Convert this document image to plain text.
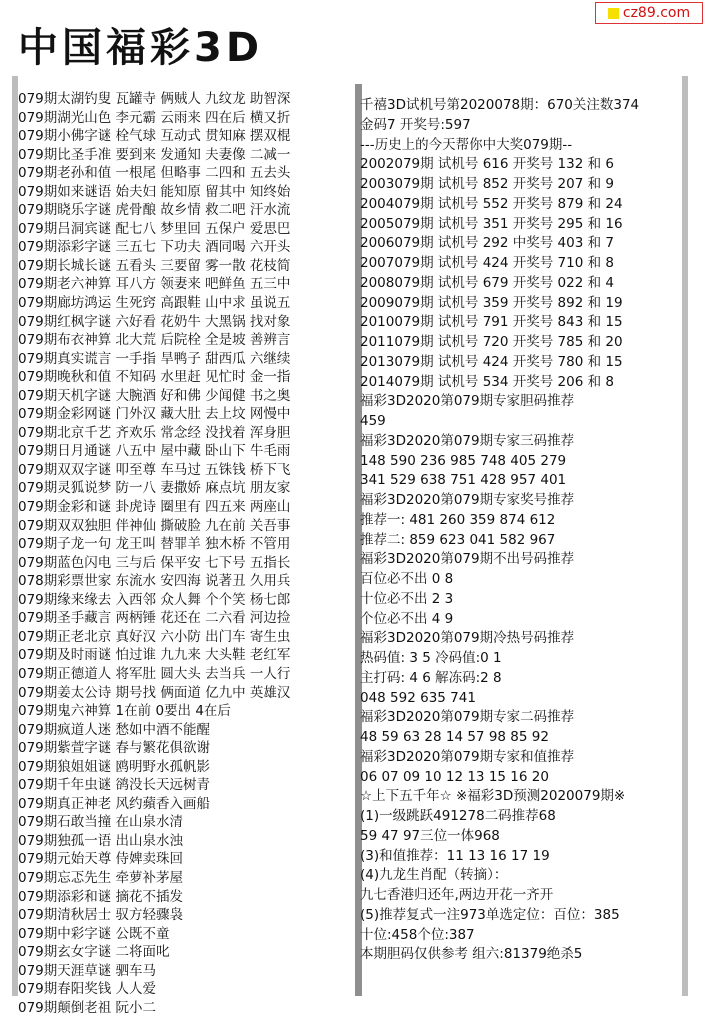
中国福彩3D
cz89.com
079期太湖钓叟 瓦罐寺 俩贼人 九纹龙 助智深
079期湖光山色 李元霸 云雨来 四在后 横又折
079期小佛字谜 栓气球 互动式 贯知麻 摆双棍
079期比圣手准 要到来 发通知 夫妻像 二减一
079期老孙和值 一根尾 但略事 二四和 五去头
079期如来谜语 始夫妇 能知原 留其中 知终始
079期晓乐字谜 虎骨酿 故乡情 救二吧 汗水流
079期吕洞宾谜 配七八 梦里回 五保户 爱思巴
079期添彩字谜 三五七 下功夫 酒同喝 六开头
079期长城长谜 五看头 三要留 雾一散 花枝简
079期老六神算 耳八方 领妻来 吧鲜鱼 五三中
079期廊坊鸿运 生死窍 高跟鞋 山中求 虽说五
079期红枫字谜 六好看 花奶牛 大黑锅 找对象
079期布衣神算 北大荒 后院栓 全是坡 善辨言
079期真实谎言 一手指 旱鸭子 甜西瓜 六继续
079期晚秋和值 不知码 水里赶 见忙时 金一指
079期天机字谜 大腕酒 好和佛 少闻健 书之奥
079期金彩网谜 门外汉 藏大肚 去上坟 网慢中
079期北京千艺 齐欢乐 常念经 没找着 浑身胆
079期日月通谜 八五中 屋中藏 卧山下 牛毛雨
079期双双字谜 叩至尊 车马过 五铢钱 桥下飞
079期灵狐说梦 防一八 妻撒娇 麻点坑 朋友家
079期金彩和谜 卦虎诗 圈里有 四五来 两座山
079期双双独胆 伴神仙 撕破脸 九在前 关吾事
079期子龙一句 龙王叫 替罪羊 独木桥 不管用
079期蓝色闪电 三与后 保平安 七下号 五指长
078期彩票世家 东流水 安四海 说著丑 久用兵
079期缘来缘去 入西邻 众人舞 个个笑 杨七郎
079期圣手藏言 两柄锤 花还在 二六看 河边捡
079期正老北京 真好汉 六小防 出门车 寄生虫
079期及时雨谜 怕过谁 九九来 大头鞋 老红军
079期正德道人 将军肚 圆大头 去当兵 一人行
079期姜太公诗 期号找 俩面道 亿九中 英雄汉
079期鬼六神算 1在前 0要出 4在后
079期疯道人迷 愁如中酒不能醒
079期紫萱字谜 春与繁花俱欲谢
079期狼姐姐谜 鸥明野水孤帆影
079期千年虫谜 鹆没长天远树青
079期真正神老 风约蘋香入画船
079期石敢当撞 在山泉水清
079期独孤一语 出山泉水浊
079期元始天尊 侍婢卖珠回
079期忘忑先生 牵萝补茅屋
079期添彩和谜 摘花不插发
079期清秋居士 驭方轻骤袅
079期中彩字谜 公既不童
079期玄女字谜 二将面叱
079期天涯草谜 驷车马
079期春阳奖钱 人人爱
079期颠倒老祖 阮小二
千禧3D试机号第2020078期：670关注数374
金码7 开奖号:597
---历史上的今天帮你中大奖079期--
2002079期 试机号 616 开奖号 132 和 6
2003079期 试机号 852 开奖号 207 和 9
2004079期 试机号 552 开奖号 879 和 24
2005079期 试机号 351 开奖号 295 和 16
2006079期 试机号 292 中奖号 403 和 7
2007079期 试机号 424 开奖号 710 和 8
2008079期 试机号 679 开奖号 022 和 4
2009079期 试机号 359 开奖号 892 和 19
2010079期 试机号 791 开奖号 843 和 15
2011079期 试机号 720 开奖号 785 和 20
2013079期 试机号 424 开奖号 780 和 15
2014079期 试机号 534 开奖号 206 和 8
福彩3D2020第079期专家胆码推荐
459
福彩3D2020第079期专家三码推荐
148 590 236 985 748 405 279
341 529 638 751 428 957 401
福彩3D2020第079期专家奖号推荐
推荐一: 481 260 359 874 612
推荐二: 859 623 041 582 967
福彩3D2020第079期不出号码推荐
百位必不出 0 8
十位必不出 2 3
个位必不出 4 9
福彩3D2020第079期冷热号码推荐
热码值: 3 5 冷码值:0 1
主打码: 4 6 解冻码:2 8
048 592 635 741
福彩3D2020第079期专家二码推荐
48 59 63 28 14 57 98 85 92
福彩3D2020第079期专家和值推荐
06 07 09 10 12 13 15 16 20
☆上下五千年☆ ※福彩3D预测2020079期※
(1)一级跳跃491278二码推荐68
59 47 97三位一体968
(3)和值推荐：11 13 16 17 19
(4)九龙生肖配（转摘）：
九七香港归还年,两边开花一齐开
(5)推荐复式一注973单选定位：百位：385
十位:458个位:387
本期胆码仅供参考 组六:81379绝杀5
